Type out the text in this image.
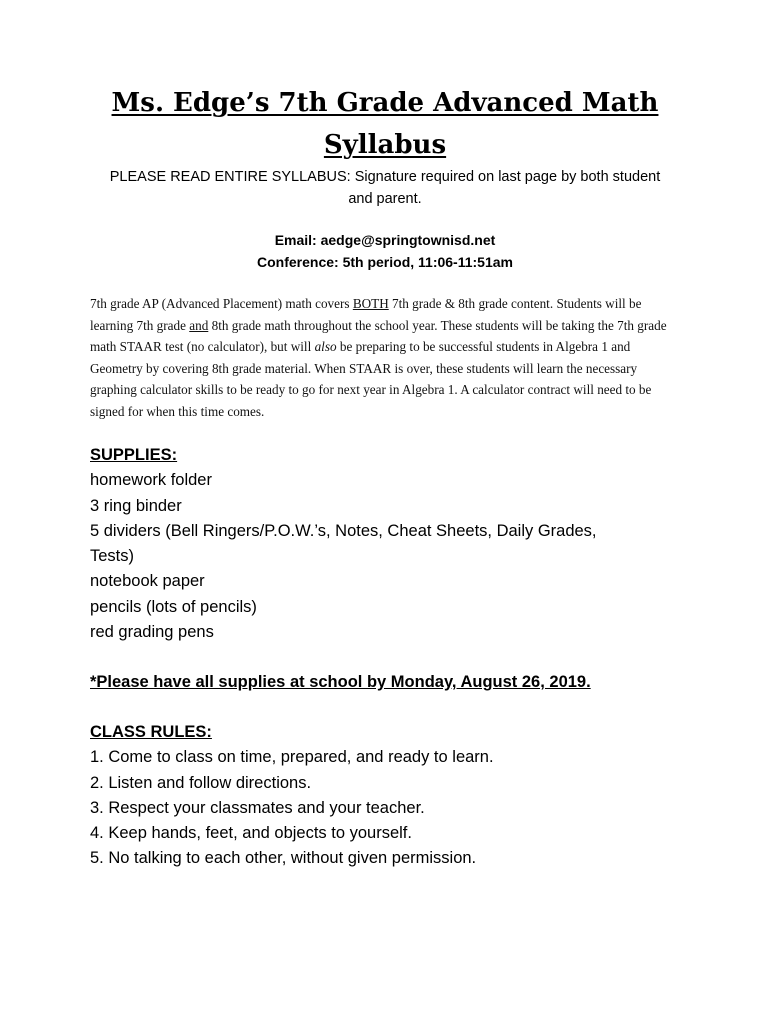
Ms. Edge’s 7th Grade Advanced Math
Syllabus

PLEASE READ ENTIRE SYLLABUS: Signature required on last page by both student
and parent.

Email: aedge@springtownisd.net

Conference: 5th period, 11:06-11:51am

7th grade AP (Advanced Placement) math covers BOTH 7th grade & 8th grade content. Students will be learning 7th grade and 8th grade math throughout the school year. These students will be taking the 7th grade math STAAR test (no calculator), but will also be preparing to be successful students in Algebra 1 and Geometry by covering 8th grade material. When STAAR is over, these students will learn the necessary graphing calculator skills to be ready to go for next year in Algebra 1. A calculator contract will need to be signed for when this time comes.

SUPPLIES:
homework folder
3 ring binder
5 dividers (Bell Ringers/P.O.W.’s, Notes, Cheat Sheets, Daily Grades,
Tests)
notebook paper
pencils (lots of pencils)
red grading pens
*Please have all supplies at school by Monday, August 26, 2019.
CLASS RULES:
1. Come to class on time, prepared, and ready to learn.
2. Listen and follow directions.
3. Respect your classmates and your teacher.
4. Keep hands, feet, and objects to yourself.
5. No talking to each other, without given permission.
